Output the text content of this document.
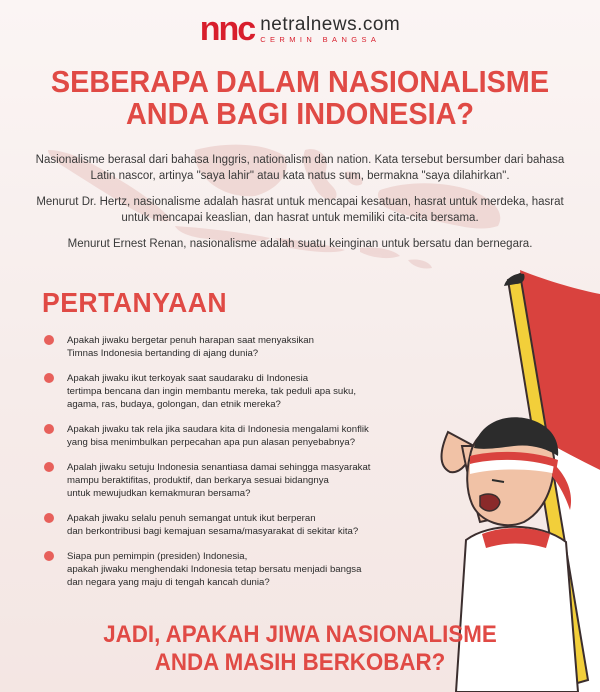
nnc netralnews.com
CERMIN BANGSA
SEBERAPA DALAM NASIONALISME
ANDA BAGI INDONESIA?

Nasionalisme berasal dari bahasa Inggris, nationalism dan nation. Kata tersebut bersumber dari bahasa Latin nascor, artinya "saya lahir" atau kata natus sum, bermakna "saya dilahirkan".

Menurut Dr. Hertz, nasionalisme adalah hasrat untuk mencapai kesatuan, hasrat untuk merdeka, hasrat untuk mencapai keaslian, dan hasrat untuk memiliki cita-cita bersama.

Menurut Ernest Renan, nasionalisme adalah suatu keinginan untuk bersatu dan bernegara.

PERTANYAAN
Apakah jiwaku bergetar penuh harapan saat menyaksikan
Timnas Indonesia bertanding di ajang dunia?
Apakah jiwaku ikut terkoyak saat saudaraku di Indonesia
tertimpa bencana dan ingin membantu mereka, tak peduli apa suku,
agama, ras, budaya, golongan, dan etnik mereka?
Apakah jiwaku tak rela jika saudara kita di Indonesia mengalami konflik
yang bisa menimbulkan perpecahan apa pun alasan penyebabnya?
Apalah jiwaku setuju Indonesia senantiasa damai sehingga masyarakat
mampu beraktifitas, produktif, dan berkarya sesuai bidangnya
untuk mewujudkan kemakmuran bersama?
Apakah jiwaku selalu penuh semangat untuk ikut berperan
dan berkontribusi bagi kemajuan sesama/masyarakat di sekitar kita?
Siapa pun pemimpin (presiden) Indonesia,
apakah jiwaku menghendaki Indonesia tetap bersatu menjadi bangsa
dan negara yang maju di tengah kancah dunia?
JADI, APAKAH JIWA NASIONALISME
ANDA MASIH BERKOBAR?
